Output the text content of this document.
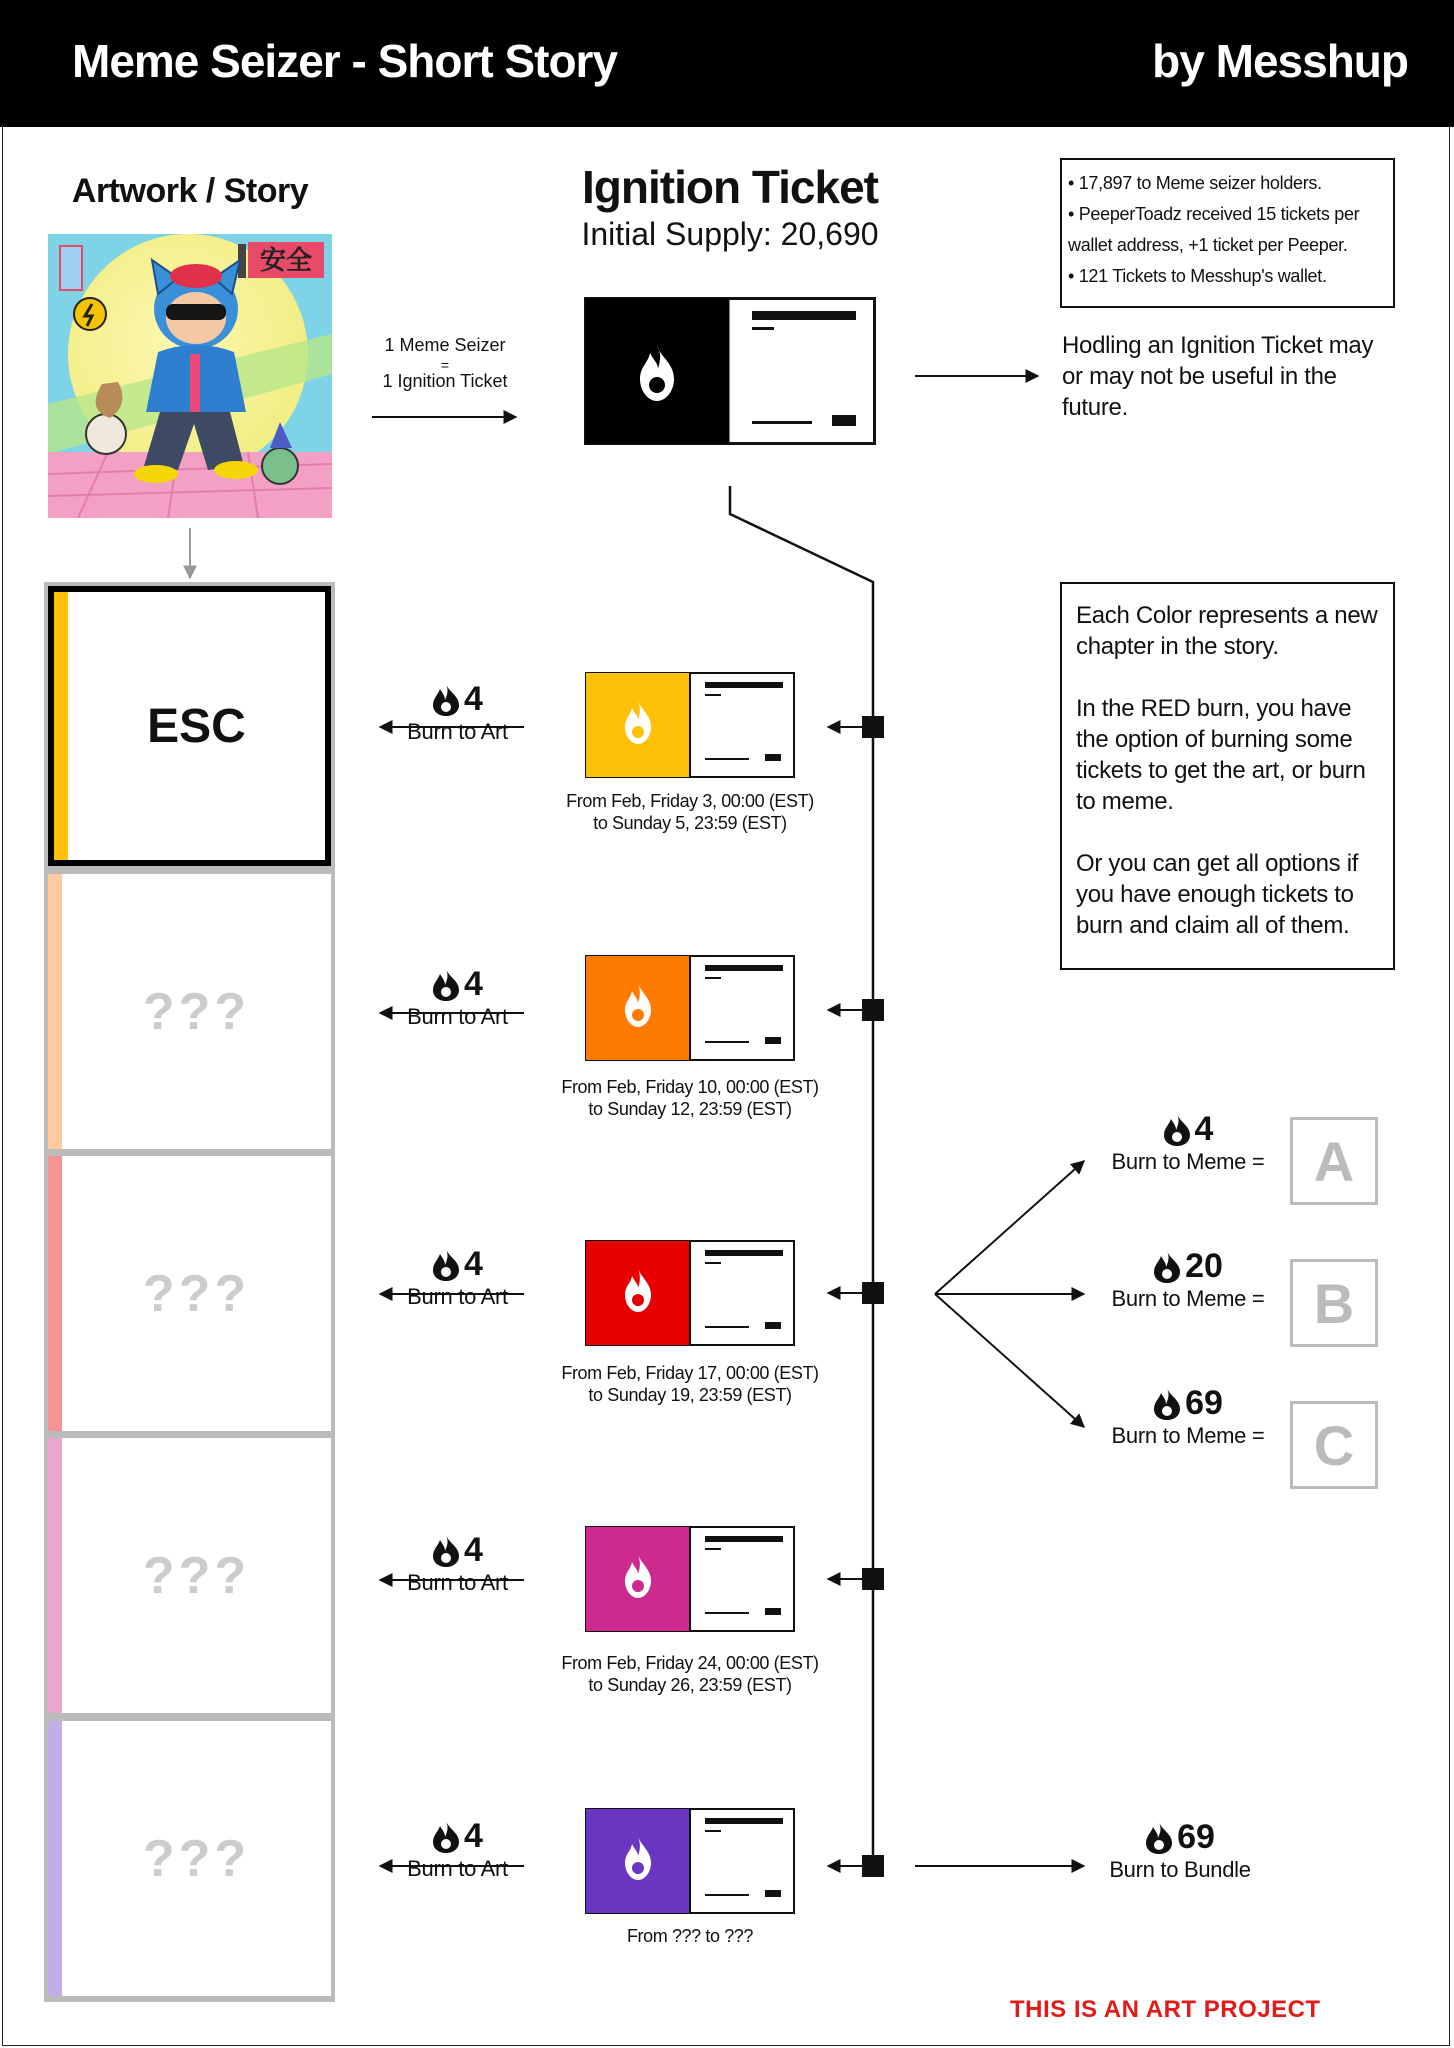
Meme Seizer - Short Story	by Messhup
Artwork / Story
安全
Ignition Ticket
Initial Supply: 20,690
1 Meme Seizer
=
1 Ignition Ticket
• 17,897 to Meme seizer holders.
• PeeperToadz received 15 tickets per
wallet address, +1 ticket per Peeper.
• 121 Tickets to Messhup's wallet.
Hodling an Ignition Ticket may or may not be useful in the future.

Each Color represents a new chapter in the story.

In the RED burn, you have the option of burning some tickets to get the art, or burn to meme.

Or you can get all options if you have enough tickets to burn and claim all of them.

ESC
???
???
???
???
From Feb, Friday 3, 00:00 (EST)
to Sunday 5, 23:59 (EST)
From Feb, Friday 10, 00:00 (EST)
to Sunday 12, 23:59 (EST)
From Feb, Friday 17, 00:00 (EST)
to Sunday 19, 23:59 (EST)
From Feb, Friday 24, 00:00 (EST)
to Sunday 26, 23:59 (EST)
From ??? to ???
4
Burn to Art
4
Burn to Art
4
Burn to Art
4
Burn to Art
4
Burn to Art
4
Burn to Meme = A
20
Burn to Meme = B
69
Burn to Meme = C
69
Burn to Bundle
THIS IS AN ART PROJECT
